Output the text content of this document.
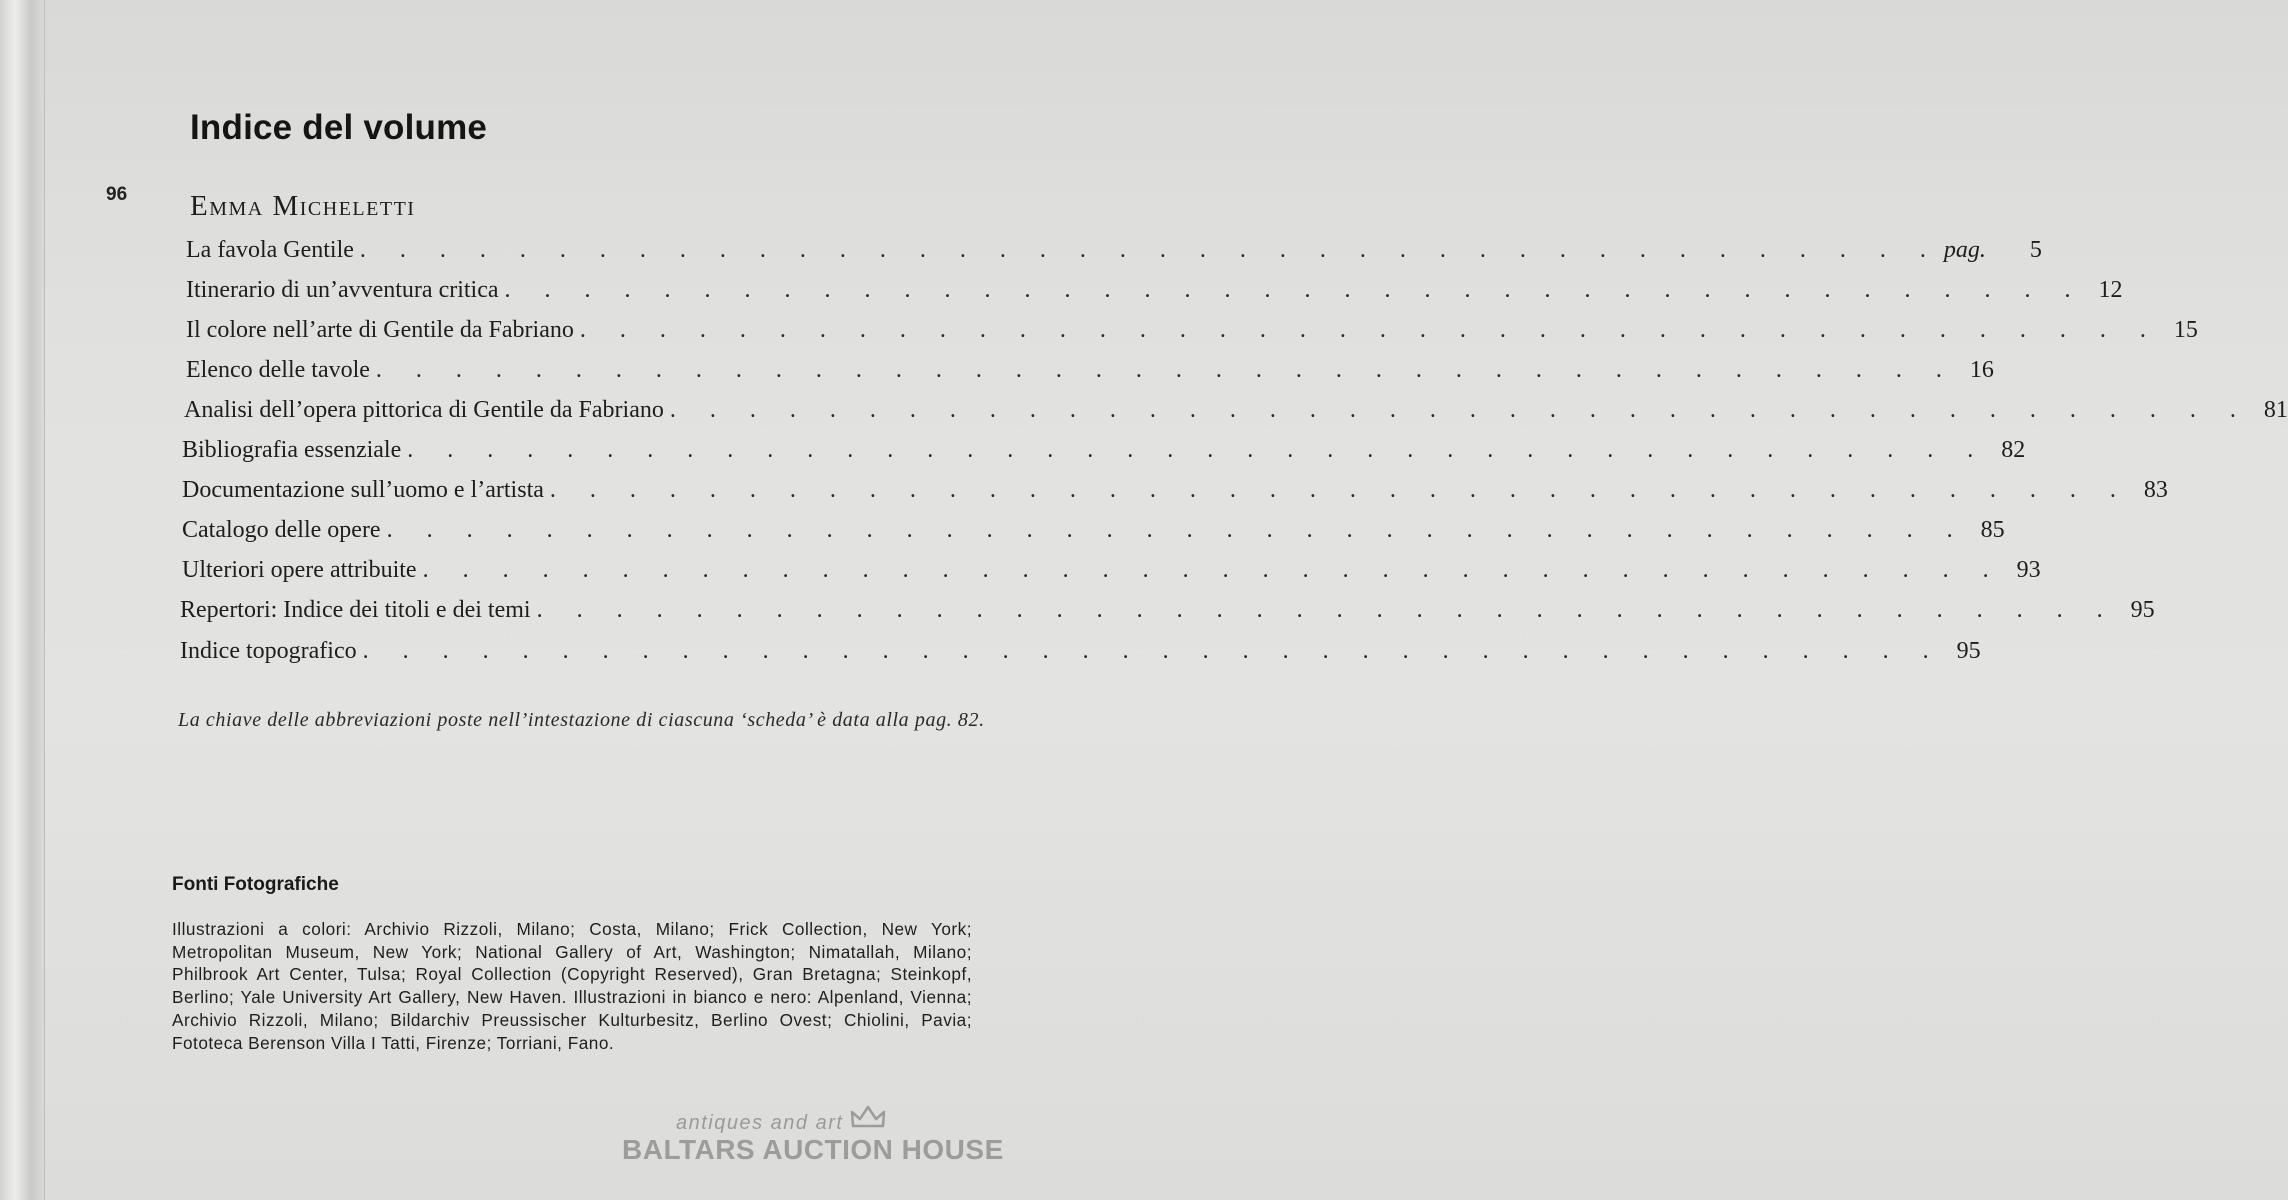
Indice del volume
96 Emma Micheletti
La favola Gentile . . . . . . . . . . . . . . . . . . . . . . . . . . . . . . . . . . . . . . . . pag.	5
Itinerario di un’avventura critica . . . . . . . . . . . . . . . . . . . . . . . . . . . . . . . . . . . . . . . . 12
Il colore nell’arte di Gentile da Fabriano . . . . . . . . . . . . . . . . . . . . . . . . . . . . . . . . . . . . . . . . 15
Elenco delle tavole . . . . . . . . . . . . . . . . . . . . . . . . . . . . . . . . . . . . . . . . 16
Analisi dell’opera pittorica di Gentile da Fabriano . . . . . . . . . . . . . . . . . . . . . . . . . . . . . . . . . . . . . . . . 81
Bibliografia essenziale . . . . . . . . . . . . . . . . . . . . . . . . . . . . . . . . . . . . . . . . 82
Documentazione sull’uomo e l’artista . . . . . . . . . . . . . . . . . . . . . . . . . . . . . . . . . . . . . . . . 83
Catalogo delle opere . . . . . . . . . . . . . . . . . . . . . . . . . . . . . . . . . . . . . . . . 85
Ulteriori opere attribuite . . . . . . . . . . . . . . . . . . . . . . . . . . . . . . . . . . . . . . . . 93
Repertori: Indice dei titoli e dei temi . . . . . . . . . . . . . . . . . . . . . . . . . . . . . . . . . . . . . . . . 95
Indice topografico . . . . . . . . . . . . . . . . . . . . . . . . . . . . . . . . . . . . . . . . 95

La chiave delle abbreviazioni poste nell’intestazione di ciascuna ‘scheda’ è data alla pag. 82.

Fonti Fotografiche

Illustrazioni a colori: Archivio Rizzoli, Milano; Costa, Milano; Frick Collection, New York; Metropolitan Museum, New York; National Gallery of Art, Washington; Nimatallah, Milano; Philbrook Art Center, Tulsa; Royal Collection (Copyright Reserved), Gran Bretagna; Steinkopf, Berlino; Yale University Art Gallery, New Haven. Illustrazioni in bianco e nero: Alpenland, Vienna; Archivio Rizzoli, Milano; Bildarchiv Preussischer Kulturbesitz, Berlino Ovest; Chiolini, Pavia; Fototeca Berenson Villa I Tatti, Firenze; Torriani, Fano.

antiques and art
BALTARS AUCTION HOUSE
